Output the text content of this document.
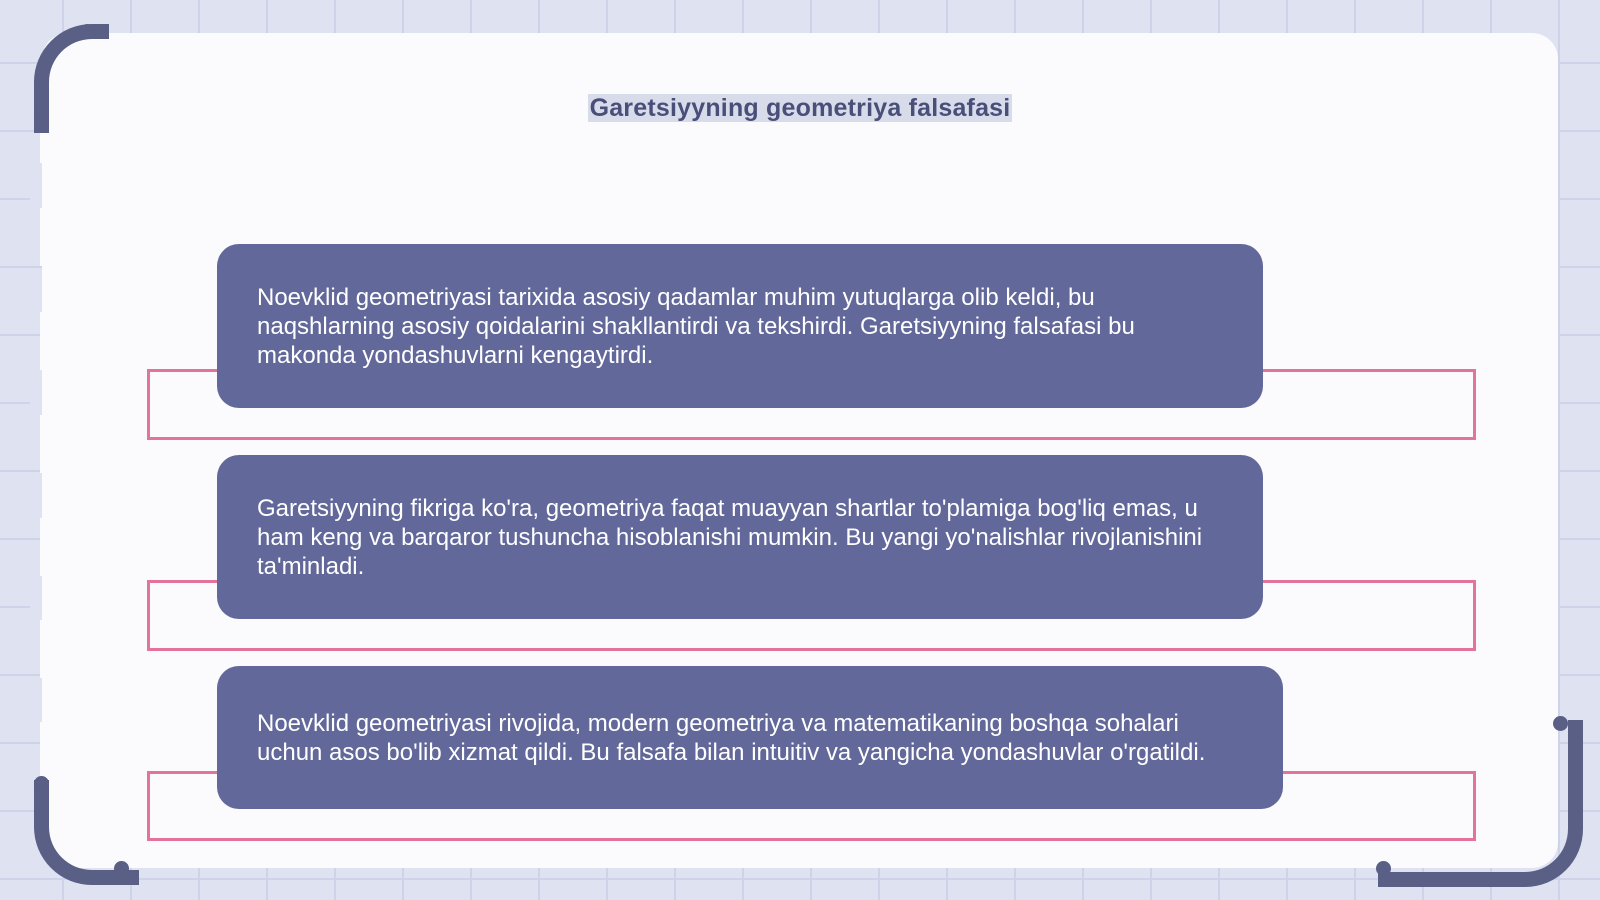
Garetsiyyning geometriya falsafasi

Noevklid geometriyasi tarixida asosiy qadamlar muhim yutuqlarga olib keldi, bu naqshlarning asosiy qoidalarini shakllantirdi va tekshirdi. Garetsiyyning falsafasi bu makonda yondashuvlarni kengaytirdi.

Garetsiyyning fikriga ko'ra, geometriya faqat muayyan shartlar to'plamiga bog'liq emas, u ham keng va barqaror tushuncha hisoblanishi mumkin. Bu yangi yo'nalishlar rivojlanishini ta'minladi.

Noevklid geometriyasi rivojida, modern geometriya va matematikaning boshqa sohalari uchun asos bo'lib xizmat qildi. Bu falsafa bilan intuitiv va yangicha yondashuvlar o'rgatildi.
